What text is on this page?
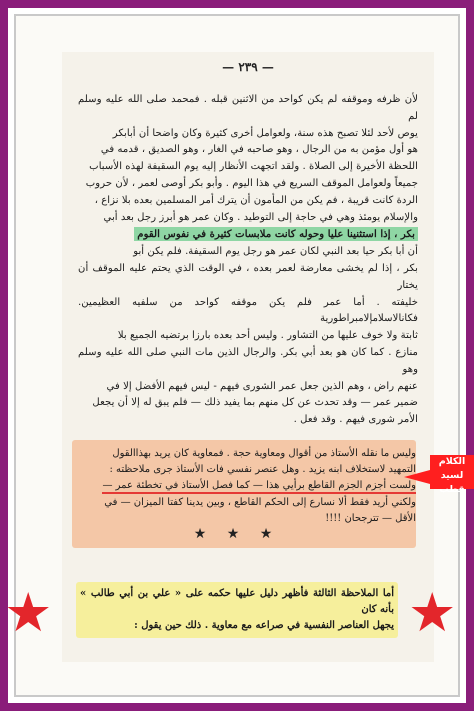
— ٢٣٩ —

لأن ظرفه وموقفه لم يكن كواحد من الاثنين قبله . فمحمد صلى الله عليه وسلم لم

يوص لأحد لئلا تصبح هذه سنة، ولعوامل أخرى كثيرة وكان واضحا أن أبابكر

هو أول مؤمن به من الرجال ، وهو صاحبه في الغار ، وهو الصديق ، قدمه في

اللحظة الأخيرة إلى الصلاة . ولقد اتجهت الأنظار إليه يوم السقيفة لهذه الأسباب

جميعاً ولعوامل الموقف السريع في هذا اليوم . وأبو بكر أوصى لعمر ، لأن حروب

الردة كانت قريبة ، فم يكن من المأمون أن يترك أمر المسلمين بعده بلا نزاع ،

والإسلام يومئذ وهي في حاجة إلى التوطيد . وكان عمر هو أبرز رجل بعد أبي

بكر ، إذا استثنينا عليا وحوله كانت ملابسات كثيرة في نفوس القوم

أن أبا بكر حيا بعد النبي لكان عمر هو رجل يوم السقيفة. فلم يكن أبو

بكر ، إذا لم يخشى معارضة لعمر بعده ، في الوقت الذي يحتم عليه الموقف أن يختار

خليفته . أما عمر فلم يكن موقفه كواحد من سلفيه العظيمين. فكانالاسلامإلامبراطورية

ثابتة ولا خوف عليها من التشاور . وليس أحد بعده بارزا برتضيه الجميع بلا

منازع . كما كان هو بعد أبي بكر. والرجال الذين مات النبي صلى الله عليه وسلم وهو

عنهم راض ، وهم الذين جعل عمر الشورى فيهم - ليس فيهم الأفضل إلا في

ضمير عمر — وقد تحدث عن كل منهم بما يفيد ذلك — فلم يبق له إلا أن يجعل

الأمر شورى فيهم . وقد فعل .

وليس ما نقله الأستاذ من أقوال ومعاوية حجة . فمعاوية كان يريد بهذاالقول

التمهيد لاستخلاف ابنه يزيد . وهل عنصر نفسي فات الأستاذ جرى ملاحظته :

ولست أجزم الجزم القاطع برأيي هذا — كما فصل الأستاذ في تخطئة عمر —

ولكني أريد فقط ألا نسارع إلى الحكم القاطع ، وبين يدينا كفتا الميزان — في

الأقل — تترجحان !!!!

الكلام
لسيد قطب
★ ★ ★
★	★

أما الملاحظة الثالثة فأظهر دليل عليها حكمه على « علي بن أبي طالب » بأنه كان

يجهل العناصر النفسية في صراعه مع معاوية . ذلك حين يقول :
